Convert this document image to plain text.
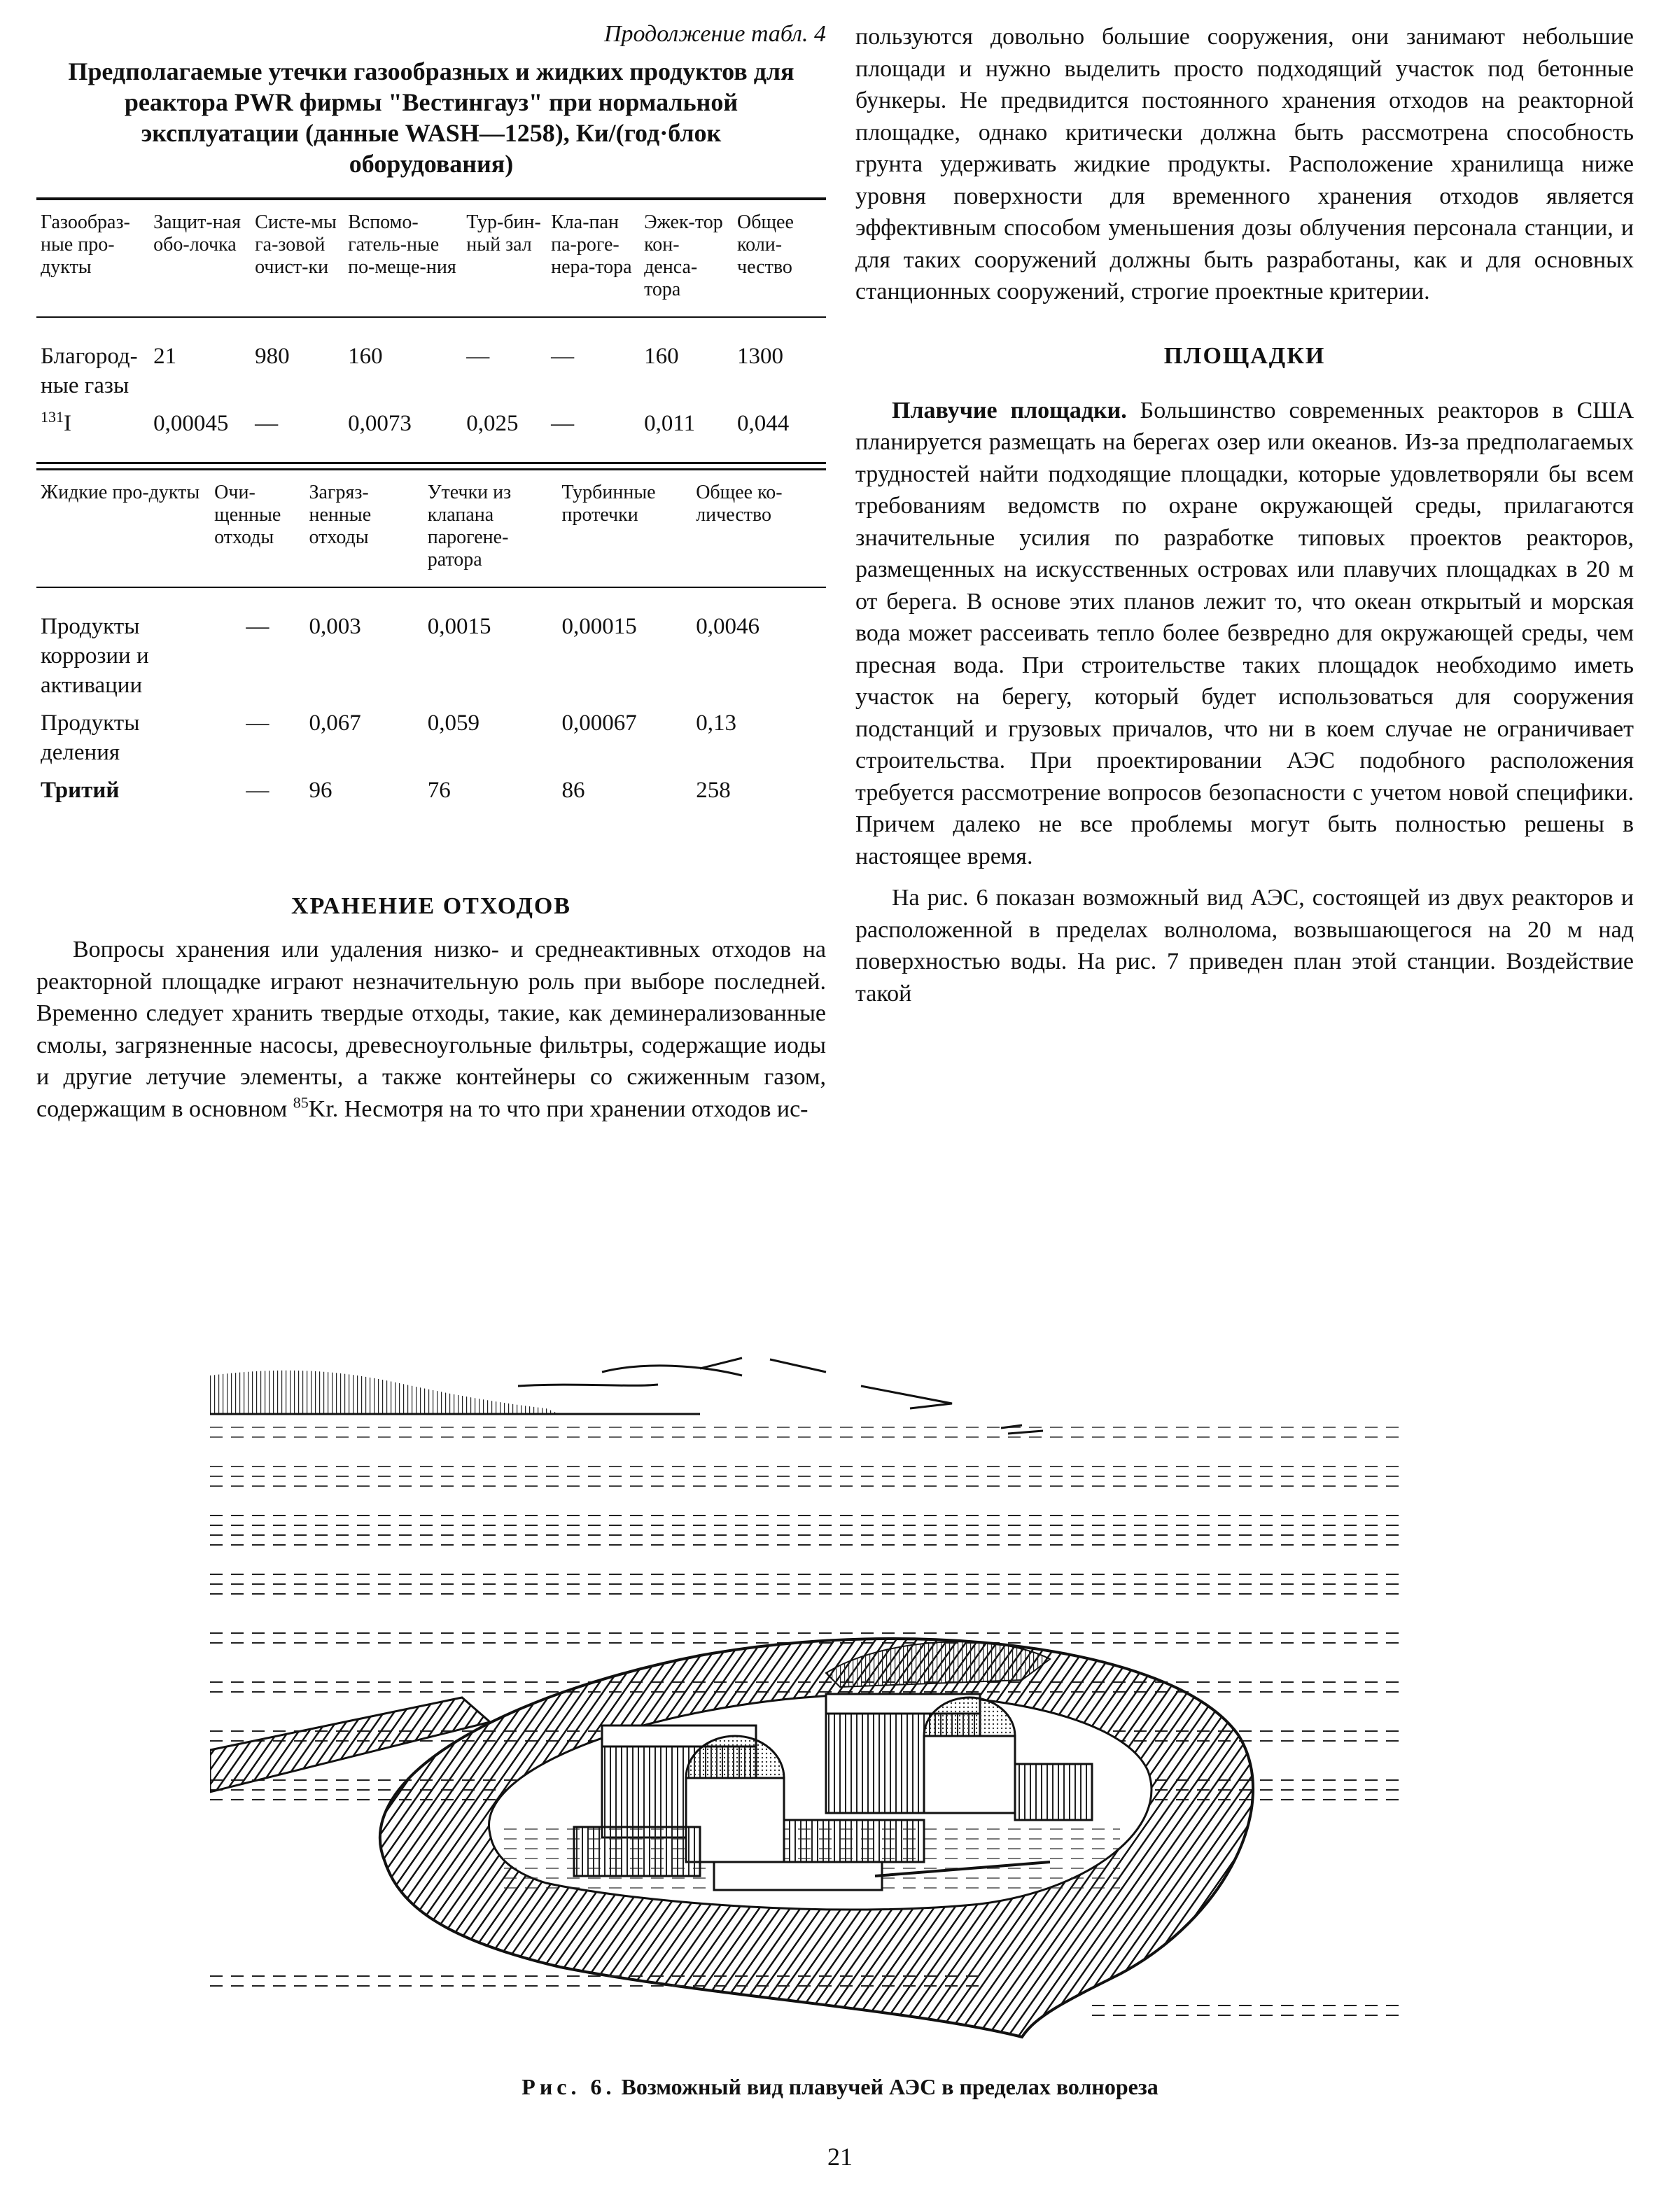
Продолжение табл. 4
Предполагаемые утечки газообразных и жидких продуктов для реактора PWR фирмы "Вестингауз" при нормальной эксплуатации (данные WASH—1258), Ки/(год·блок оборудования)
Газообраз-ные про-дукты	Защит-ная обо-лочка	Систе-мы га-зовой очист-ки	Вспомо-гатель-ные по-меще-ния	Тур-бин-ный зал	Кла-пан па-роге-нера-тора	Эжек-тор кон-денса-тора	Общее коли-чество

Благород-ные газы	21	980	160	—	—	160	1300
$^{131}$I	0,00045	—	0,0073	0,025	—	0,011	0,044
Жидкие про-дукты	Очи-щенные отходы	Загряз-ненные отходы	Утечки из клапана парогене-ратора	Турбинные протечки	Общее ко-личество

Продукты коррозии и активации	—	0,003	0,0015	0,00015	0,0046
Продукты деления	—	0,067	0,059	0,00067	0,13
Тритий	—	96	76	86	258
ХРАНЕНИЕ ОТХОДОВ

Вопросы хранения или удаления низко- и среднеактивных отходов на реакторной площадке играют незначительную роль при выборе последней. Временно следует хранить твердые отходы, такие, как деминерализованные смолы, загрязненные насосы, древесноугольные фильтры, содержащие иоды и другие летучие элементы, а также контейнеры со сжиженным газом, содержащим в основном $^{85}$Kr. Несмотря на то что при хранении отходов ис-

пользуются довольно большие сооружения, они занимают небольшие площади и нужно выделить просто подходящий участок под бетонные бункеры. Не предвидится постоянного хранения отходов на реакторной площадке, однако критически должна быть рассмотрена способность грунта удерживать жидкие продукты. Расположение хранилища ниже уровня поверхности для временного хранения отходов является эффективным способом уменьшения дозы облучения персонала станции, и для таких сооружений должны быть разработаны, как и для основных станционных сооружений, строгие проектные критерии.

ПЛОЩАДКИ

Плавучие площадки. Большинство современных реакторов в США планируется размещать на берегах озер или океанов. Из-за предполагаемых трудностей найти подходящие площадки, которые удовлетворяли бы всем требованиям ведомств по охране окружающей среды, прилагаются значительные усилия по разработке типовых проектов реакторов, размещенных на искусственных островах или плавучих площадках в 20 м от берега. В основе этих планов лежит то, что океан открытый и морская вода может рассеивать тепло более безвредно для окружающей среды, чем пресная вода. При строительстве таких площадок необходимо иметь участок на берегу, который будет использоваться для сооружения подстанций и грузовых причалов, что ни в коем случае не ограничивает строительства. При проектировании АЭС подобного расположения требуется рассмотрение вопросов безопасности с учетом новой специфики. Причем далеко не все проблемы могут быть полностью решены в настоящее время.

На рис. 6 показан возможный вид АЭС, состоящей из двух реакторов и расположенной в пределах волнолома, возвышающегося на 20 м над поверхностью воды. На рис. 7 приведен план этой станции. Воздействие такой

Рис. 6. Возможный вид плавучей АЭС в пределах волнореза
21
